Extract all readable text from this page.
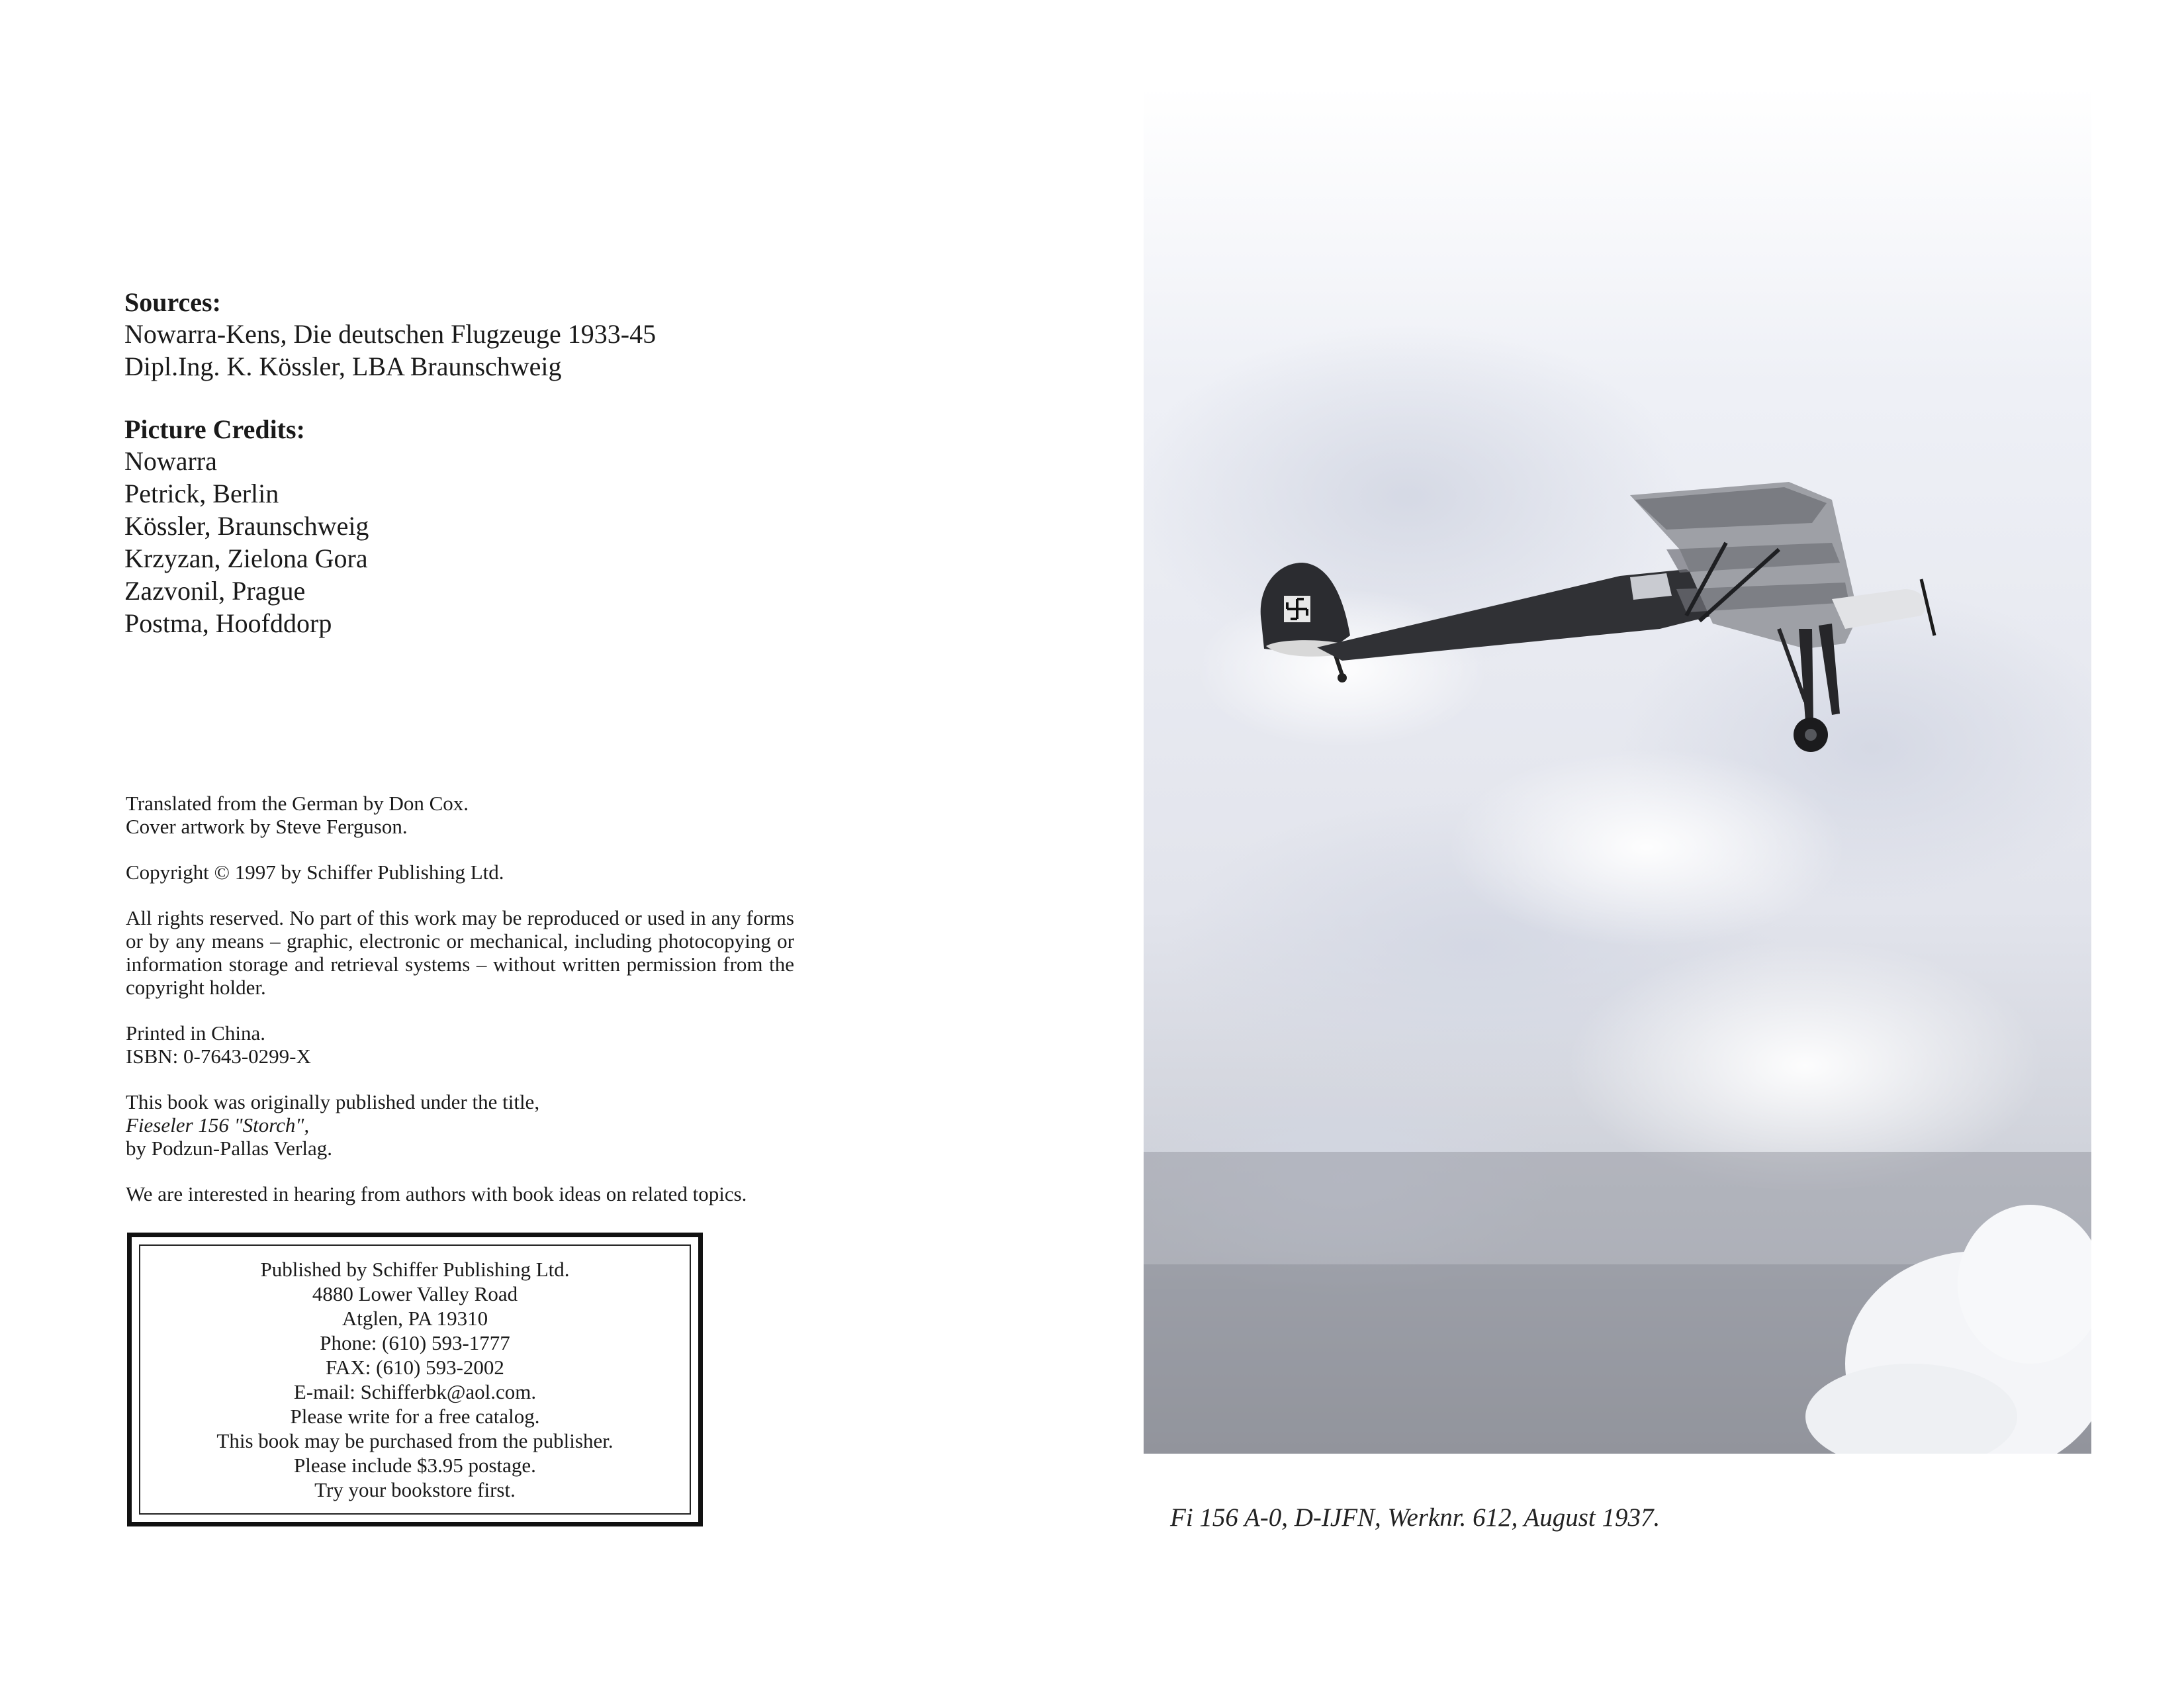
Sources:
Nowarra-Kens, Die deutschen Flugzeuge 1933-45
Dipl.Ing. K. Kössler, LBA Braunschweig
Picture Credits:
Nowarra
Petrick, Berlin
Kössler, Braunschweig
Krzyzan, Zielona Gora
Zazvonil, Prague
Postma, Hoofddorp
Translated from the German by Don Cox.
Cover artwork by Steve Ferguson.
Copyright © 1997 by Schiffer Publishing Ltd.

All rights reserved. No part of this work may be reproduced or used in any forms or by any means – graphic, electronic or mechanical, including photocopying or information storage and retrieval systems – without written permission from the copyright holder.

Printed in China.
ISBN: 0-7643-0299-X
This book was originally published under the title,
Fieseler 156 "Storch",
by Podzun-Pallas Verlag.
We are interested in hearing from authors with book ideas on related topics.
Published by Schiffer Publishing Ltd.
4880 Lower Valley Road
Atglen, PA 19310
Phone: (610) 593-1777
FAX: (610) 593-2002
E-mail: Schifferbk@aol.com.
Please write for a free catalog.
This book may be purchased from the publisher.
Please include $3.95 postage.
Try your bookstore first.
Fi 156 A-0, D-IJFN, Werknr. 612, August 1937.
